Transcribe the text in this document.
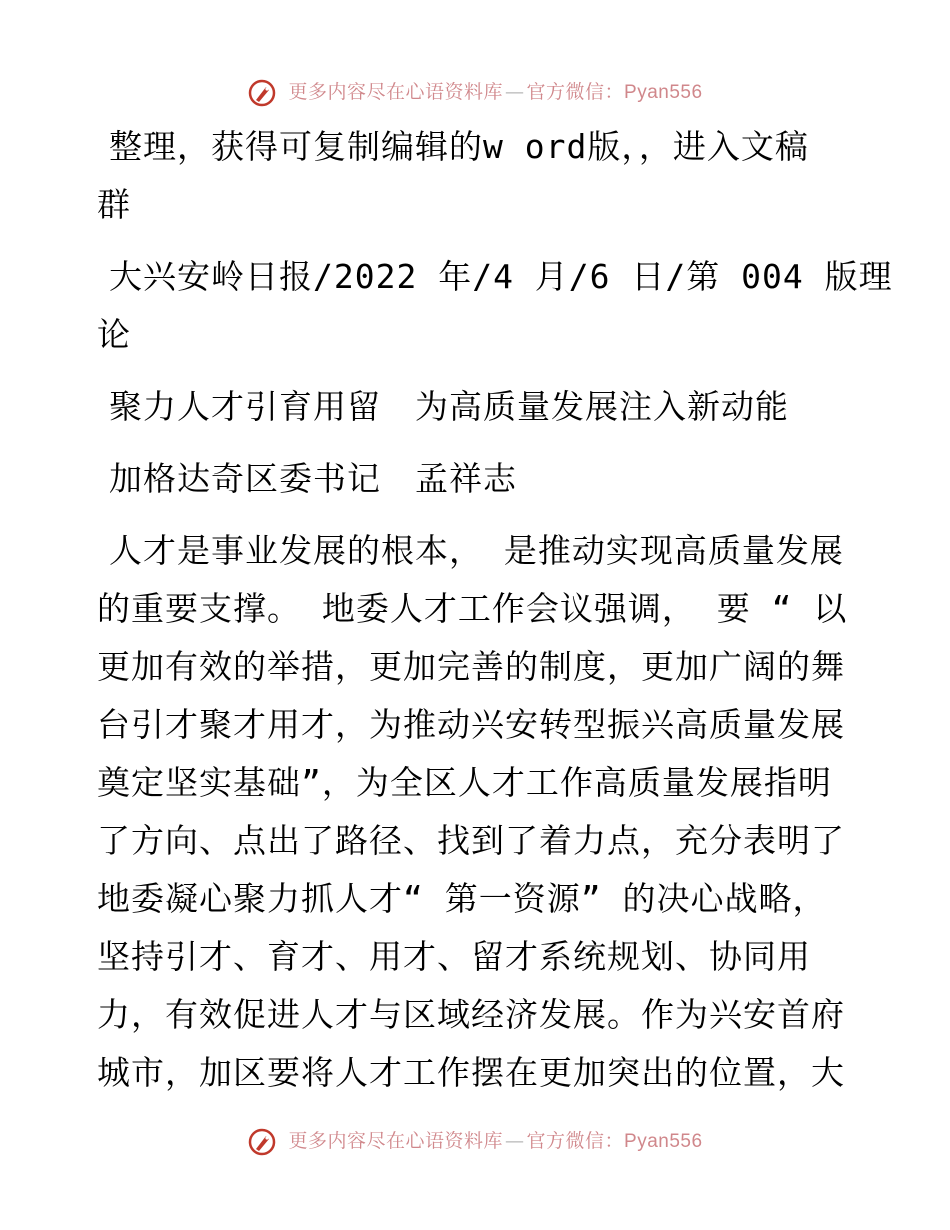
更多内容尽在心语资料库 — 官方微信：Pyan556

整理，获得可复制编辑的w ord版，，进入文稿

群

大兴安岭日报/2022 年/4 月/6 日/第 004 版理

论

聚力人才引育用留　为高质量发展注入新动能

加格达奇区委书记　孟祥志

人才是事业发展的根本， 是推动实现高质量发展

的重要支撑。 地委人才工作会议强调， 要 “ 以

更加有效的举措，更加完善的制度，更加广阔的舞

台引才聚才用才，为推动兴安转型振兴高质量发展

奠定坚实基础”，为全区人才工作高质量发展指明

了方向、点出了路径、找到了着力点，充分表明了

地委凝心聚力抓人才“ 第一资源” 的决心战略，

坚持引才、育才、用才、留才系统规划、协同用

力，有效促进人才与区域经济发展。作为兴安首府

城市，加区要将人才工作摆在更加突出的位置，大

更多内容尽在心语资料库 — 官方微信：Pyan556
